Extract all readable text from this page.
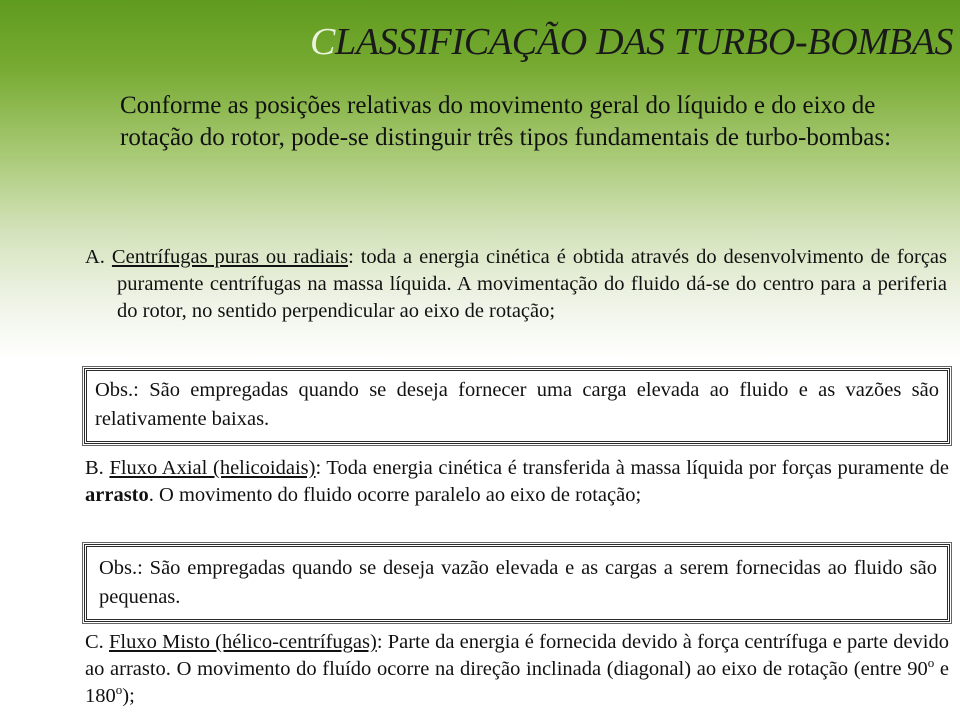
CLASSIFICAÇÃO DAS TURBO-BOMBAS
Conforme as posições relativas do movimento geral do líquido e do eixo de rotação do rotor, pode-se distinguir três tipos fundamentais de turbo-bombas:
A. Centrífugas puras ou radiais: toda a energia cinética é obtida através do desenvolvimento de forças puramente centrífugas na massa líquida. A movimentação do fluido dá-se do centro para a periferia do rotor, no sentido perpendicular ao eixo de rotação;
Obs.: São empregadas quando se deseja fornecer uma carga elevada ao fluido e as vazões são relativamente baixas.
B. Fluxo Axial (helicoidais): Toda energia cinética é transferida à massa líquida por forças puramente de arrasto. O movimento do fluido ocorre paralelo ao eixo de rotação;
Obs.: São empregadas quando se deseja vazão elevada e as cargas a serem fornecidas ao fluido são pequenas.
C. Fluxo Misto (hélico-centrífugas): Parte da energia é fornecida devido à força centrífuga e parte devido ao arrasto. O movimento do fluído ocorre na direção inclinada (diagonal) ao eixo de rotação (entre 90$^o$ e 180$^o$);
